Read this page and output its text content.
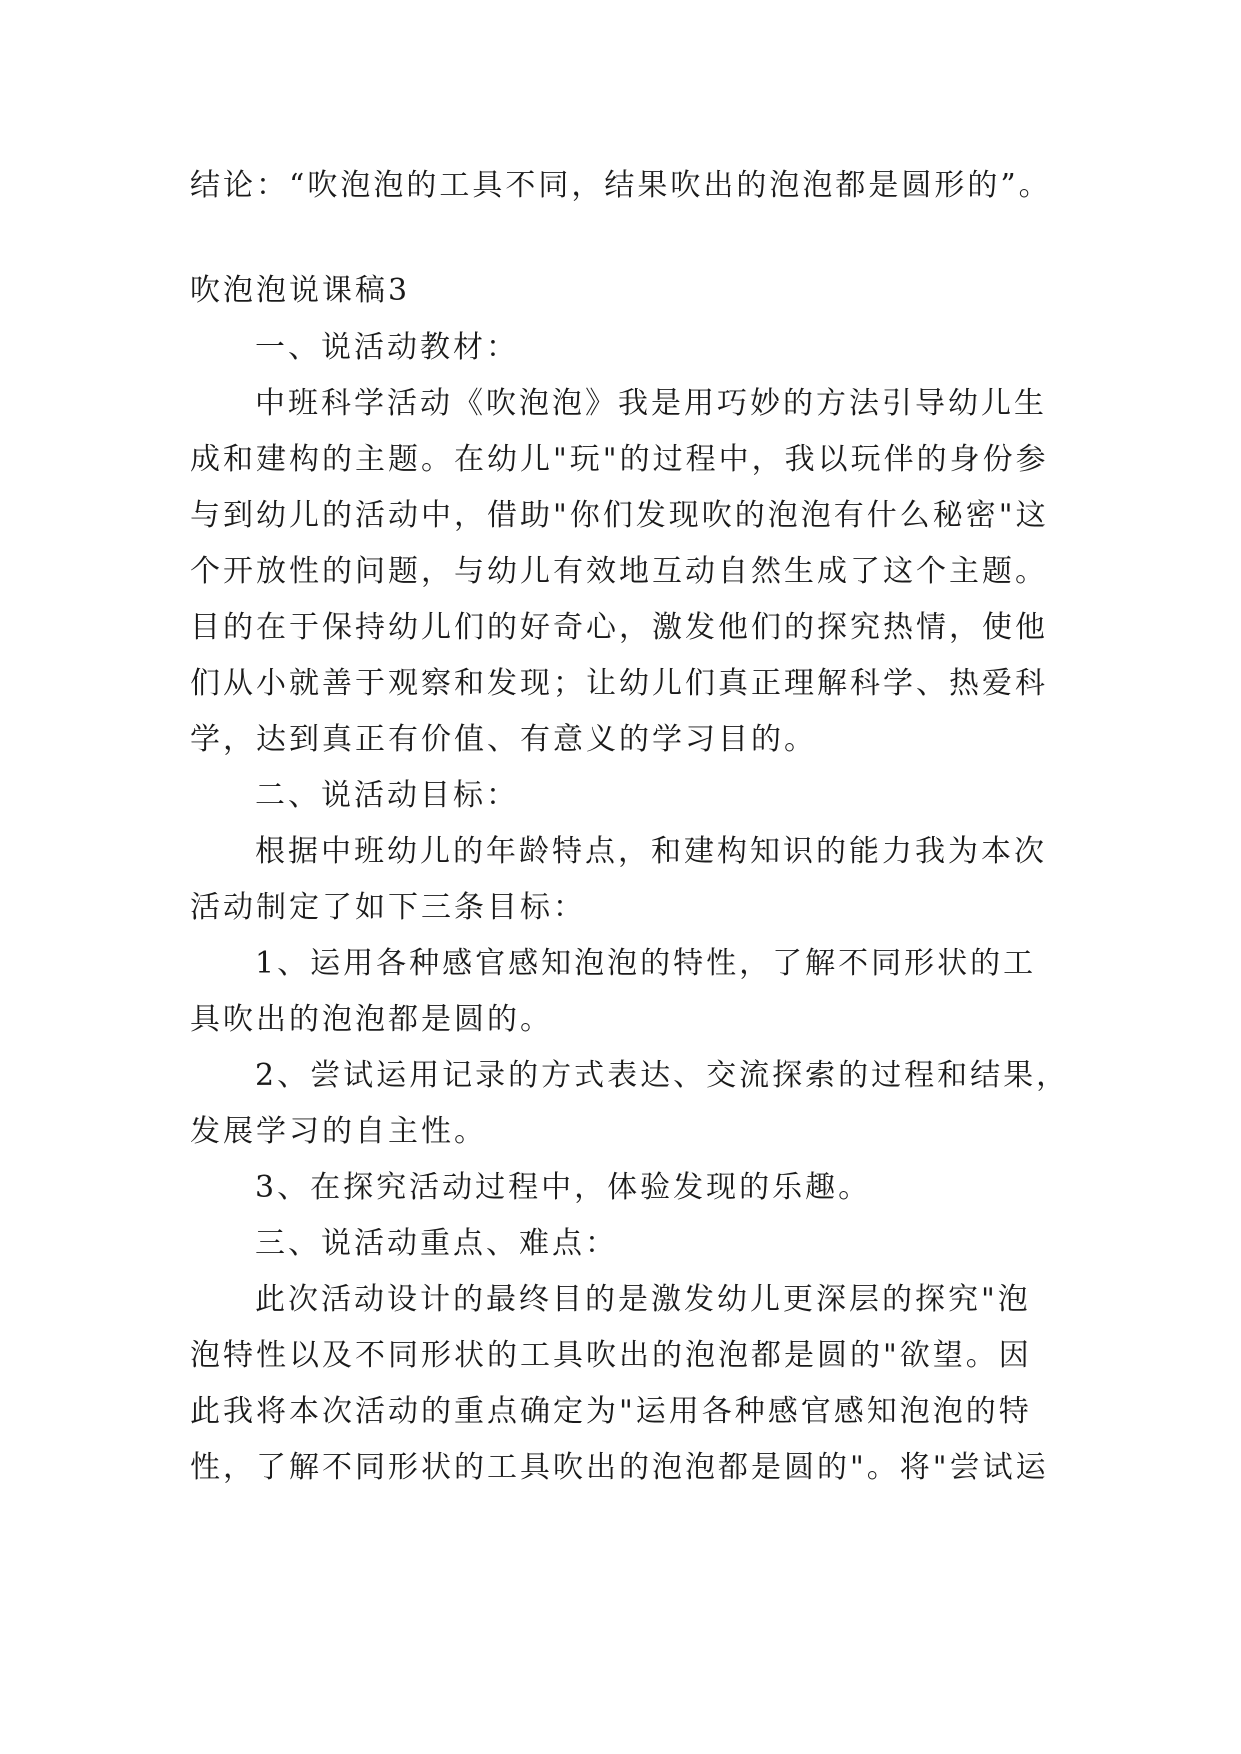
结论：“吹泡泡的工具不同，结果吹出的泡泡都是圆形的”。
吹泡泡说课稿3
一、说活动教材：
中班科学活动《吹泡泡》我是用巧妙的方法引导幼儿生
成和建构的主题。在幼儿"玩"的过程中，我以玩伴的身份参
与到幼儿的活动中，借助"你们发现吹的泡泡有什么秘密"这
个开放性的问题，与幼儿有效地互动自然生成了这个主题。
目的在于保持幼儿们的好奇心，激发他们的探究热情，使他
们从小就善于观察和发现；让幼儿们真正理解科学、热爱科
学，达到真正有价值、有意义的学习目的。
二、说活动目标：
根据中班幼儿的年龄特点，和建构知识的能力我为本次
活动制定了如下三条目标：
1、运用各种感官感知泡泡的特性，了解不同形状的工
具吹出的泡泡都是圆的。
2、尝试运用记录的方式表达、交流探索的过程和结果，
发展学习的自主性。
3、在探究活动过程中，体验发现的乐趣。
三、说活动重点、难点：
此次活动设计的最终目的是激发幼儿更深层的探究"泡
泡特性以及不同形状的工具吹出的泡泡都是圆的"欲望。因
此我将本次活动的重点确定为"运用各种感官感知泡泡的特
性，了解不同形状的工具吹出的泡泡都是圆的"。将"尝试运
